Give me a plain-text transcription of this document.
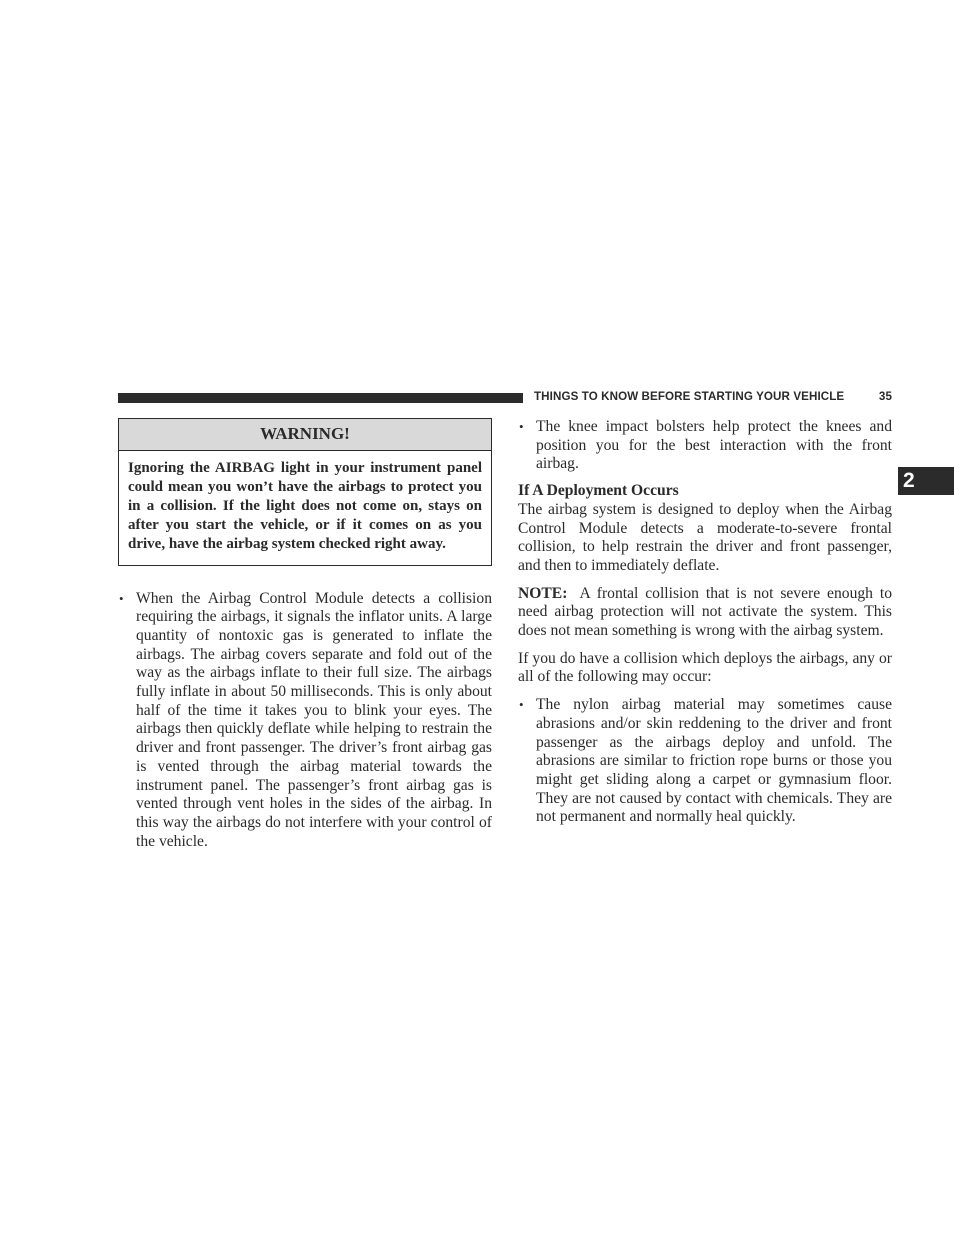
THINGS TO KNOW BEFORE STARTING YOUR VEHICLE	35
2
WARNING!
Ignoring the AIRBAG light in your instrument panel could mean you won’t have the airbags to protect you in a collision. If the light does not come on, stays on after you start the vehicle, or if it comes on as you drive, have the airbag system checked right away.
• When the Airbag Control Module detects a collision requiring the airbags, it signals the inflator units. A large quantity of nontoxic gas is generated to inflate the airbags. The airbag covers separate and fold out of the way as the airbags inflate to their full size. The airbags fully inflate in about 50 milliseconds. This is only about half of the time it takes you to blink your eyes. The airbags then quickly deflate while helping to restrain the driver and front passenger. The driver’s front airbag gas is vented through the airbag material towards the instrument panel. The passenger’s front airbag gas is vented through vent holes in the sides of the airbag. In this way the airbags do not interfere with your control of the vehicle.
• The knee impact bolsters help protect the knees and position you for the best interaction with the front airbag.
If A Deployment Occurs
The airbag system is designed to deploy when the Airbag Control Module detects a moderate-to-severe frontal collision, to help restrain the driver and front passenger, and then to immediately deflate.
NOTE: A frontal collision that is not severe enough to need airbag protection will not activate the system. This does not mean something is wrong with the airbag system.
If you do have a collision which deploys the airbags, any or all of the following may occur:
• The nylon airbag material may sometimes cause abrasions and/or skin reddening to the driver and front passenger as the airbags deploy and unfold. The abrasions are similar to friction rope burns or those you might get sliding along a carpet or gymnasium floor. They are not caused by contact with chemicals. They are not permanent and normally heal quickly.
